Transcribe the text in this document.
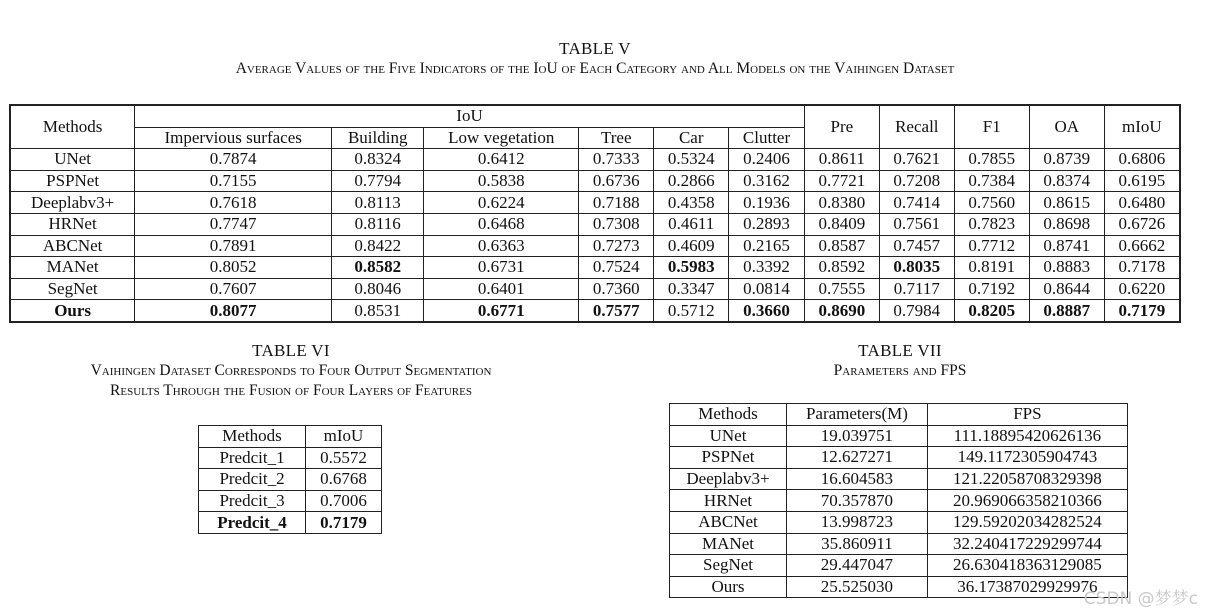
TABLE V
Average Values of the Five Indicators of the IoU of Each Category and All Models on the Vaihingen Dataset
Methods	IoU						Pre	Recall	F1	OA	mIoU
	Impervious surfaces	Building	Low vegetation	Tree	Car	Clutter					
UNet	0.7874	0.8324	0.6412	0.7333	0.5324	0.2406	0.8611	0.7621	0.7855	0.8739	0.6806
PSPNet	0.7155	0.7794	0.5838	0.6736	0.2866	0.3162	0.7721	0.7208	0.7384	0.8374	0.6195
Deeplabv3+	0.7618	0.8113	0.6224	0.7188	0.4358	0.1936	0.8380	0.7414	0.7560	0.8615	0.6480
HRNet	0.7747	0.8116	0.6468	0.7308	0.4611	0.2893	0.8409	0.7561	0.7823	0.8698	0.6726
ABCNet	0.7891	0.8422	0.6363	0.7273	0.4609	0.2165	0.8587	0.7457	0.7712	0.8741	0.6662
MANet	0.8052	0.8582	0.6731	0.7524	0.5983	0.3392	0.8592	0.8035	0.8191	0.8883	0.7178
SegNet	0.7607	0.8046	0.6401	0.7360	0.3347	0.0814	0.7555	0.7117	0.7192	0.8644	0.6220
Ours	0.8077	0.8531	0.6771	0.7577	0.5712	0.3660	0.8690	0.7984	0.8205	0.8887	0.7179
TABLE VI
Vaihingen Dataset Corresponds to Four Output Segmentation
Results Through the Fusion of Four Layers of Features
Methods	mIoU
Predcit_1	0.5572
Predcit_2	0.6768
Predcit_3	0.7006
Predcit_4	0.7179
TABLE VII
Parameters and FPS
Methods	Parameters(M)	FPS
UNet	19.039751	111.18895420626136
PSPNet	12.627271	149.1172305904743
Deeplabv3+	16.604583	121.22058708329398
HRNet	70.357870	20.969066358210366
ABCNet	13.998723	129.59202034282524
MANet	35.860911	32.240417229299744
SegNet	29.447047	26.630418363129085
Ours	25.525030	36.17387029929976
CSDN @梦梦c
